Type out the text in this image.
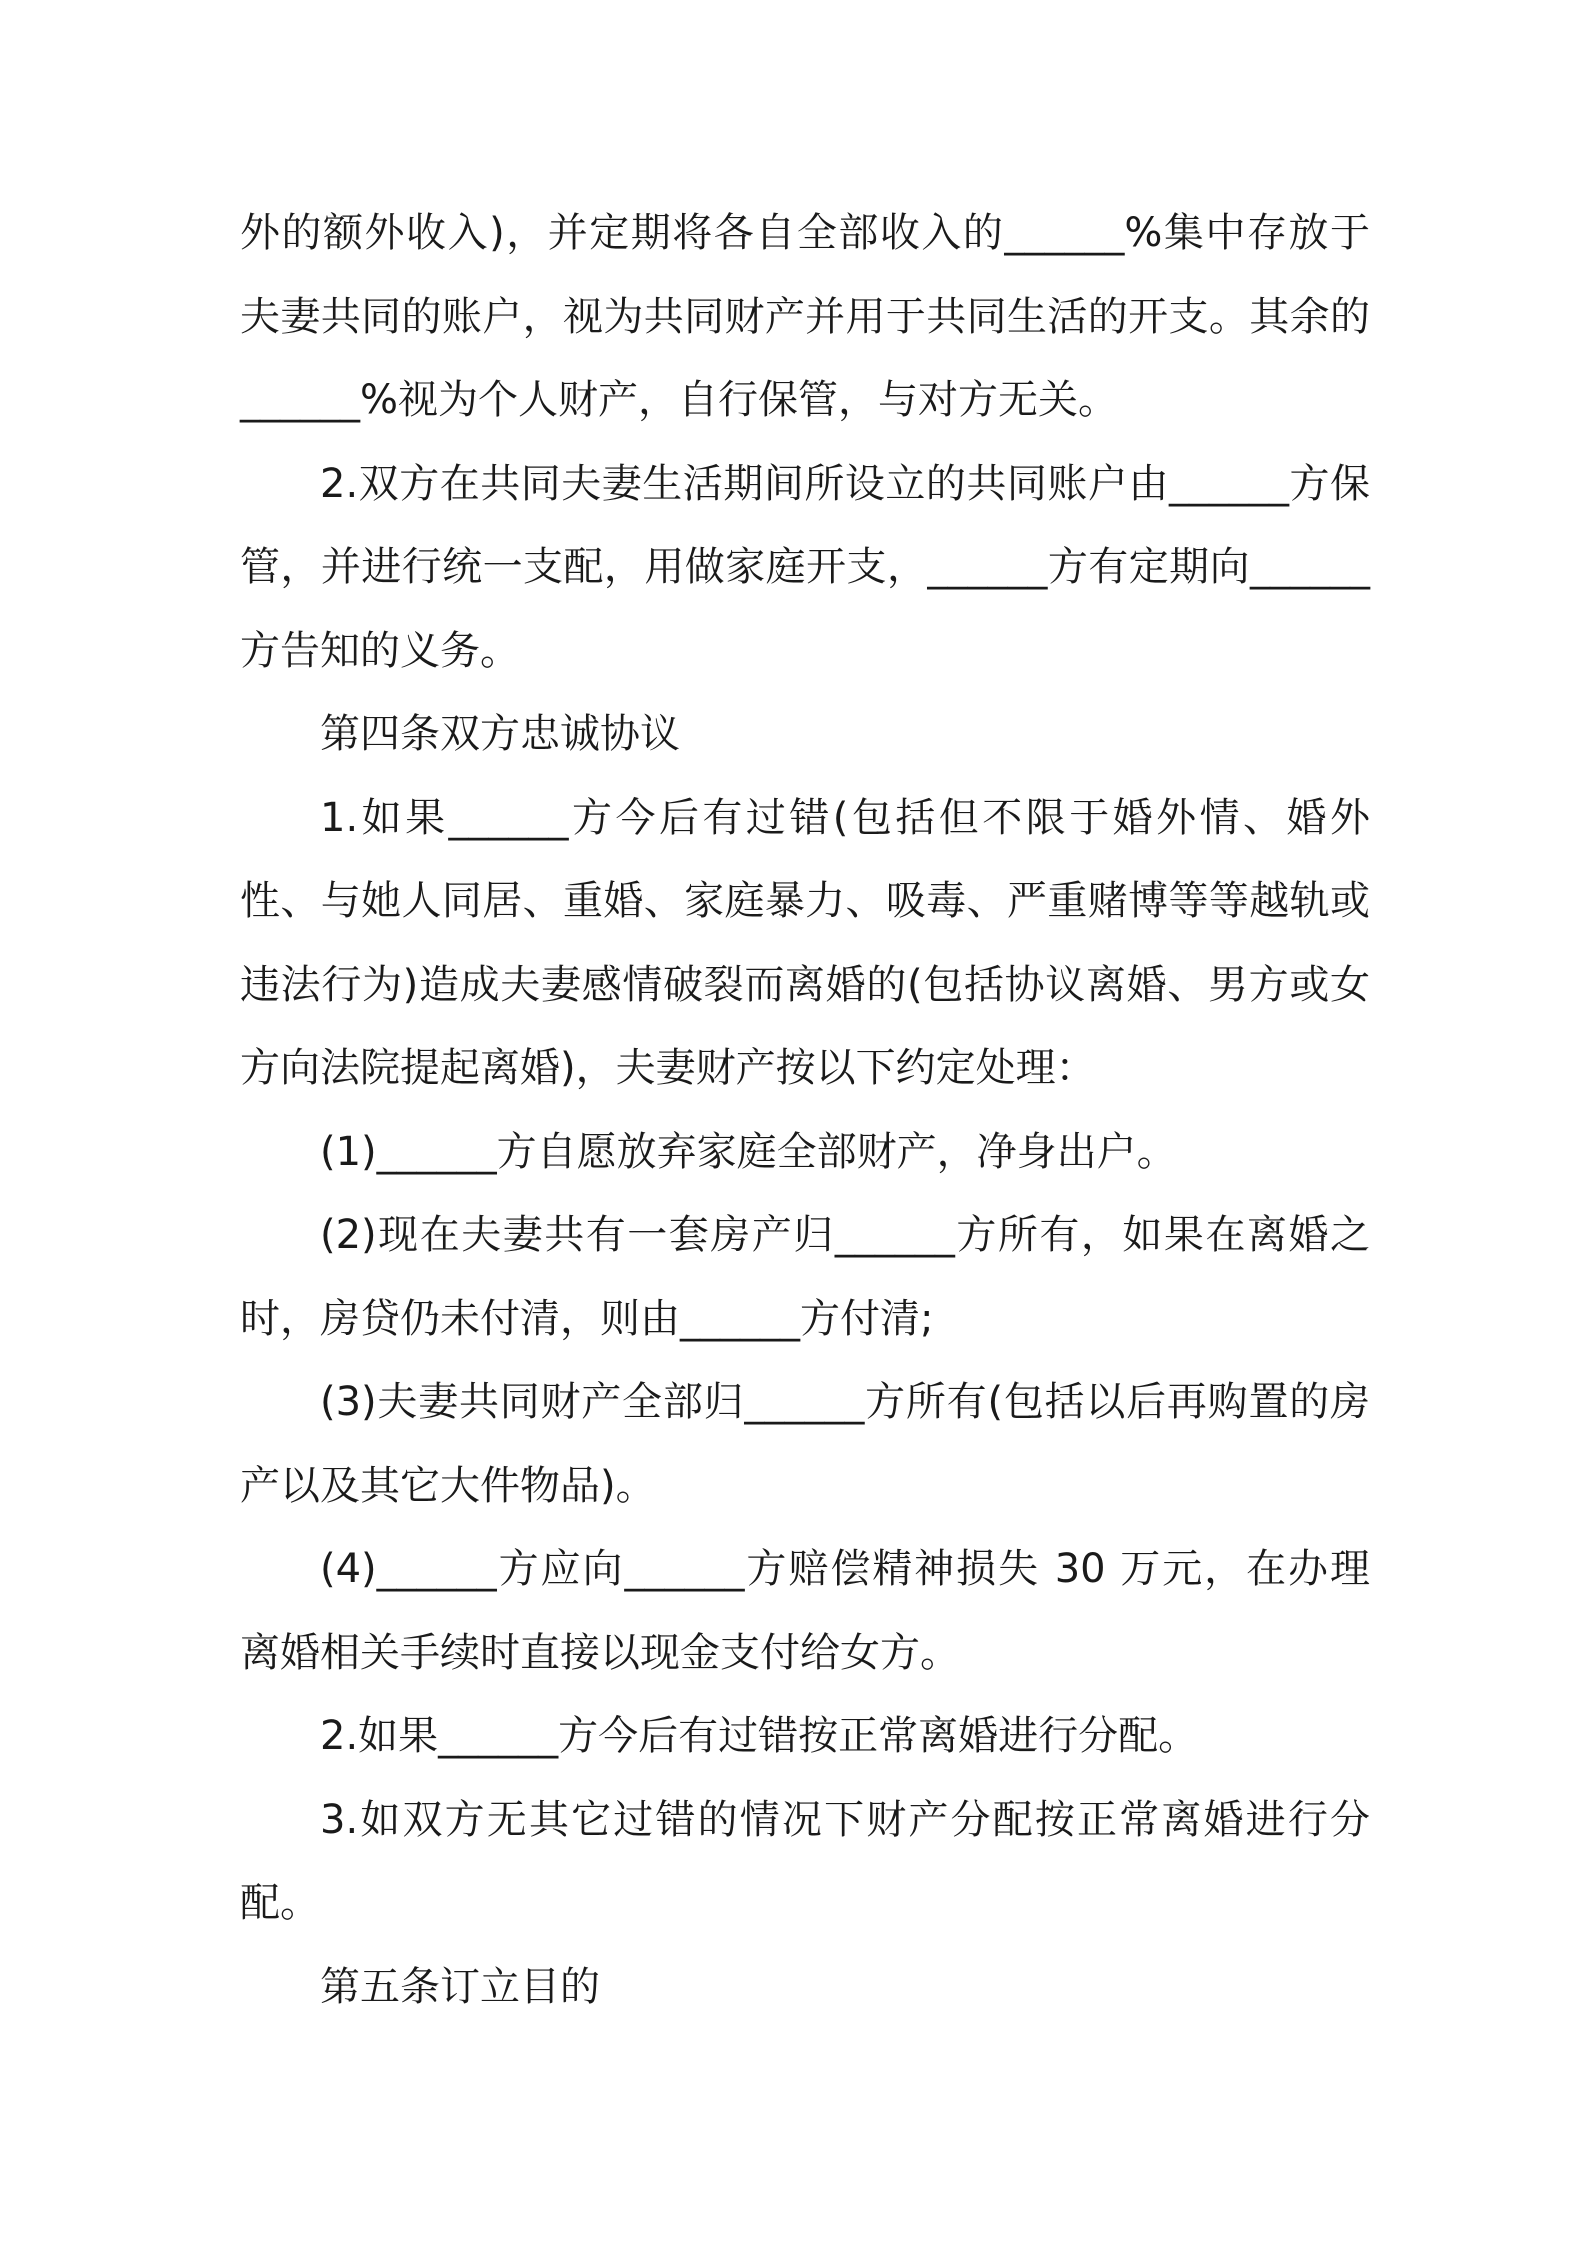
外的额外收入)，并定期将各自全部收入的______%集中存放于夫妻共同的账户，视为共同财产并用于共同生活的开支。其余的______%视为个人财产，自行保管，与对方无关。

2.双方在共同夫妻生活期间所设立的共同账户由______方保管，并进行统一支配，用做家庭开支，______方有定期向______方告知的义务。

第四条双方忠诚协议

1.如果______方今后有过错(包括但不限于婚外情、婚外性、与她人同居、重婚、家庭暴力、吸毒、严重赌博等等越轨或违法行为)造成夫妻感情破裂而离婚的(包括协议离婚、男方或女方向法院提起离婚)，夫妻财产按以下约定处理：

(1)______方自愿放弃家庭全部财产，净身出户。

(2)现在夫妻共有一套房产归______方所有，如果在离婚之时，房贷仍未付清，则由______方付清;

(3)夫妻共同财产全部归______方所有(包括以后再购置的房产以及其它大件物品)。

(4)______方应向______方赔偿精神损失 30 万元，在办理离婚相关手续时直接以现金支付给女方。

2.如果______方今后有过错按正常离婚进行分配。

3.如双方无其它过错的情况下财产分配按正常离婚进行分配。

第五条订立目的
